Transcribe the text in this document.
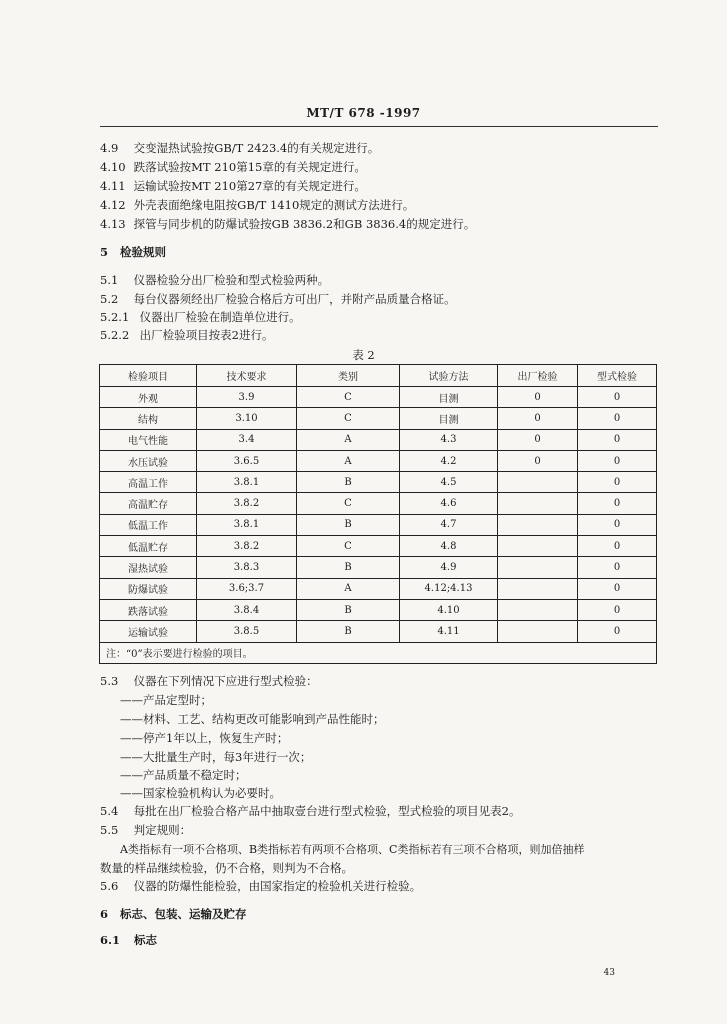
MT/T 678 -1997
4.9 交变湿热试验按GB/T 2423.4的有关规定进行。
4.10 跌落试验按MT 210第15章的有关规定进行。
4.11 运输试验按MT 210第27章的有关规定进行。
4.12 外壳表面绝缘电阻按GB/T 1410规定的测试方法进行。
4.13 探管与同步机的防爆试验按GB 3836.2和GB 3836.4的规定进行。
5 检验规则
5.1 仪器检验分出厂检验和型式检验两种。
5.2 每台仪器须经出厂检验合格后方可出厂，并附产品质量合格证。
5.2.1 仪器出厂检验在制造单位进行。
5.2.2 出厂检验项目按表2进行。
表 2
检验项目	技术要求	类别	试验方法	出厂检验	型式检验
外观	3.9	C	目测	0	0
结构	3.10	C	目测	0	0
电气性能	3.4	A	4.3	0	0
水压试验	3.6.5	A	4.2	0	0
高温工作	3.8.1	B	4.5		0
高温贮存	3.8.2	C	4.6		0
低温工作	3.8.1	B	4.7		0
低温贮存	3.8.2	C	4.8		0
湿热试验	3.8.3	B	4.9		0
防爆试验	3.6;3.7	A	4.12;4.13		0
跌落试验	3.8.4	B	4.10		0
运输试验	3.8.5	B	4.11		0
注：“0”表示要进行检验的项目。					
5.3 仪器在下列情况下应进行型式检验：
——产品定型时；
——材料、工艺、结构更改可能影响到产品性能时；
——停产1年以上，恢复生产时；
——大批量生产时，每3年进行一次；
——产品质量不稳定时；
——国家检验机构认为必要时。
5.4 每批在出厂检验合格产品中抽取壹台进行型式检验，型式检验的项目见表2。
5.5 判定规则：
A类指标有一项不合格项、B类指标若有两项不合格项、C类指标若有三项不合格项，则加倍抽样
数量的样品继续检验，仍不合格，则判为不合格。
5.6 仪器的防爆性能检验，由国家指定的检验机关进行检验。
6 标志、包装、运输及贮存
6.1 标志
43
